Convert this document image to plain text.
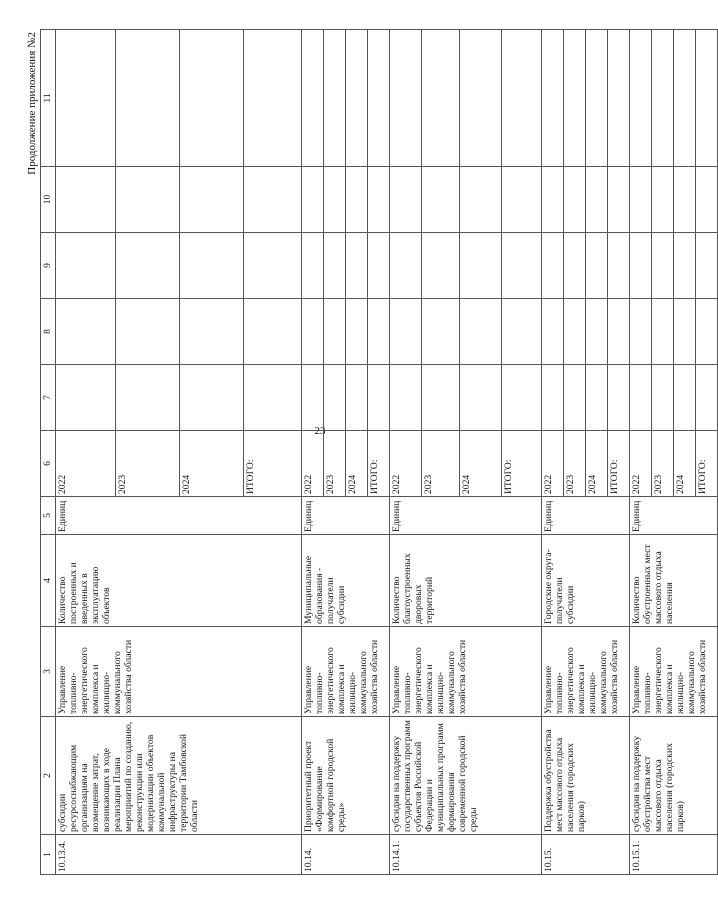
23
Продолжение приложения №2
1	2	3	4	5	6	7	8	9	10	11
10.13.4.	субсидии ресурсоснабжающим организациям на возмещение затрат, возникающих в ходе реализации Плана мероприятий по созданию, реконструкции или модернизации объектов коммунальной инфраструктуры на территории Тамбовской области	Управление топливно-энергетического комплекса и жилищно-коммунального хозяйства области	Количество построенных и введенных в эксплуатацию объектов	Единиц	2022					
					2023					
					2024					
					ИТОГО:					
10.14.	Приоритетный проект «Формирование комфортной городской среды»	Управление топливно-энергетического комплекса и жилищно-коммунального хозяйства области	Муниципальные образования - получатели субсидии	Единиц	2022					
					2023					
					2024					
					ИТОГО:					
10.14.1.	субсидия на поддержку государственных программ субъектов Российской Федерации и муниципальных программ формирования современной городской среды	Управление топливно-энергетического комплекса и жилищно-коммунального хозяйства области	Количество благоустроенных дворовых территорий	Единиц	2022					
					2023					
					2024					
					ИТОГО:					
10.15.	Поддержка обустройства мест массового отдыха населения (городских парков)	Управление топливно-энергетического комплекса и жилищно-коммунального хозяйства области	Городские округа-получатели субсидии	Единиц	2022					
					2023					
					2024					
					ИТОГО:					
10.15.1.	субсидия на поддержку обустройства мест массового отдыха населения (городских парков)	Управление топливно-энергетического комплекса и жилищно-коммунального хозяйства области	Количество обустроенных мест массового отдыха населения	Единиц	2022					
					2023					
					2024					
					ИТОГО:					
